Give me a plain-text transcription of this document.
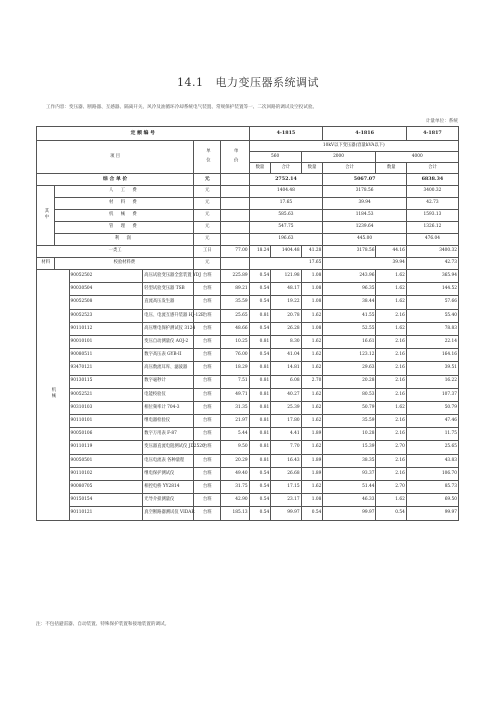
14.1 电力变压器系统调试
工作内容：变压器、断路器、互感器、隔离开关、风冷及油循环冷却系统电气装置、常规保护装置等一、二次回路的调试及空投试验。
计量单位：系统
定 额 编 号						4-1815			4-1816		4-1817
项 目				单 位	单 价	10kV以下变压器(容量kVA以下)					
						560		2000		4000	
						数量	合计	数量	合计	数量	合计
综 合 单 价				元		2752.14			5067.07		6838.34
其中	人 工 费			元		1404.48			3178.56		3400.32
	材 料 费			元		17.65			39.94		42.73
	机 械 费			元		585.63			1184.53		1593.13
	管 理 费			元		547.75			1239.64		1326.12
	利 润			元		196.63			445.00		476.04
一类工				工日	77.00	18.24	1404.48	41.28	3178.56	44.16	3400.32
材料	校验材料费			元		17.65			39.94		42.73
机械		90052502	高压试验变压器全套装置 YDJ	台班	225.89	0.54	121.98	1.08	243.96	1.62	365.94
		90030504	轻型试验变压器 TSB	台班	89.21	0.54	48.17	1.08	96.35	1.62	144.52
		90052508	直流高压发生器	台班	35.59	0.54	19.22	1.08	38.44	1.62	57.66
		90052523	电压、电流互感升装器 HJ-12E	台班	25.65	0.81	20.78	1.62	41.55	2.16	55.40
		90110112	高压继电保护测试仪 3124	台班	48.66	0.54	26.28	1.08	52.55	1.62	78.83
		90010101	变压自动测量仪 AOJ-2	台班	10.25	0.81	8.30	1.62	16.61	2.16	22.14
		90080511	数字高压表 GYB-II	台班	76.00	0.54	41.04	1.62	123.12	2.16	164.16
		93470121	高压数流耳库、滤波器	台班	18.29	0.81	14.81	1.62	29.63	2.16	39.51
		90130115	数字毫秒计	台班	7.51	0.81	6.08	2.70	20.28	2.16	16.22
		90052521	电能校验仪	台班	49.71	0.81	40.27	1.62	80.53	2.16	107.37
		90310103	相位频率计 704-3	台班	31.35	0.81	25.39	1.62	50.79	1.62	50.79
		90110101	继电器检验仪	台班	21.97	0.81	17.80	1.62	35.59	2.16	47.46
		90050106	数字万用表 F-87	台班	5.44	0.81	4.41	1.89	10.28	2.16	11.75
		90110119	变压器直流电阻测试仪 JD2520	台班	9.50	0.81	7.70	1.62	15.39	2.70	25.65
		90050501	电压电流表 各种量程	台班	20.29	0.81	16.43	1.89	38.35	2.16	43.83
		90110102	继电保护测试仪	台班	49.40	0.54	26.68	1.89	93.37	2.16	106.70
		90080705	相控电桥 YY2814	台班	31.75	0.54	17.15	1.62	51.44	2.70	85.73
		90150154	光导介损测量仪	台班	42.90	0.54	23.17	1.08	46.33	1.62	69.50
		90110121	真空断路器测试仪 VIDAR	台班	185.13	0.54	99.97	0.54	99.97	0.54	99.97
注：不包括避雷器、自动装置、特殊保护装置和接地装置的调试。
